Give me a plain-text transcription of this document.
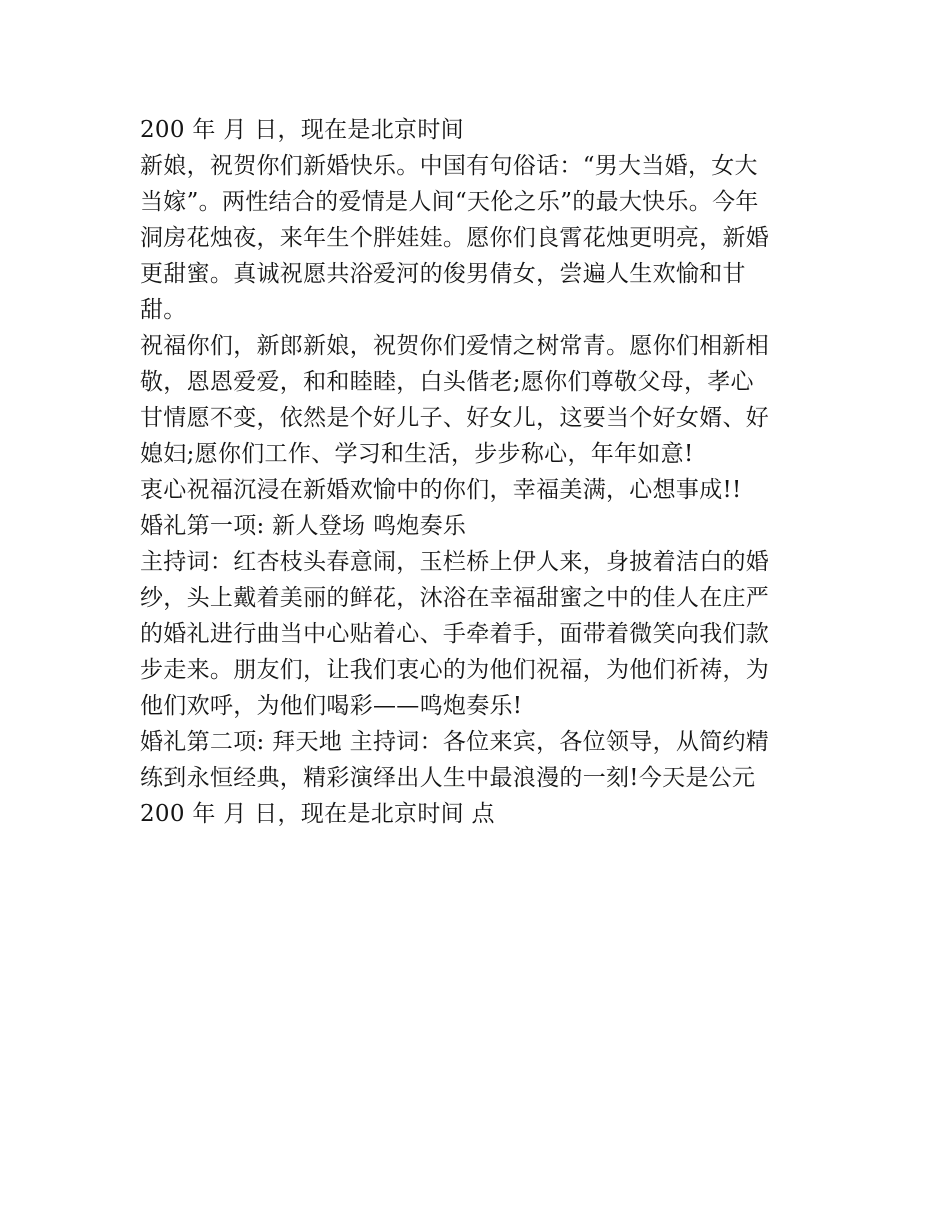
200 年 月 日，现在是北京时间
新娘，祝贺你们新婚快乐。中国有句俗话：“男大当婚，女大
当嫁”。两性结合的爱情是人间“天伦之乐”的最大快乐。今年
洞房花烛夜，来年生个胖娃娃。愿你们良霄花烛更明亮，新婚
更甜蜜。真诚祝愿共浴爱河的俊男倩女，尝遍人生欢愉和甘
甜。
祝福你们，新郎新娘，祝贺你们爱情之树常青。愿你们相新相
敬，恩恩爱爱，和和睦睦，白头偕老;愿你们尊敬父母，孝心
甘情愿不变，依然是个好儿子、好女儿，这要当个好女婿、好
媳妇;愿你们工作、学习和生活，步步称心，年年如意!
衷心祝福沉浸在新婚欢愉中的你们，幸福美满，心想事成!!
婚礼第一项: 新人登场 鸣炮奏乐
主持词：红杏枝头春意闹，玉栏桥上伊人来，身披着洁白的婚
纱，头上戴着美丽的鲜花，沐浴在幸福甜蜜之中的佳人在庄严
的婚礼进行曲当中心贴着心、手牵着手，面带着微笑向我们款
步走来。朋友们，让我们衷心的为他们祝福，为他们祈祷，为
他们欢呼，为他们喝彩——鸣炮奏乐!
婚礼第二项: 拜天地 主持词：各位来宾，各位领导，从简约精
练到永恒经典，精彩演绎出人生中最浪漫的一刻!今天是公元
200 年 月 日，现在是北京时间 点
